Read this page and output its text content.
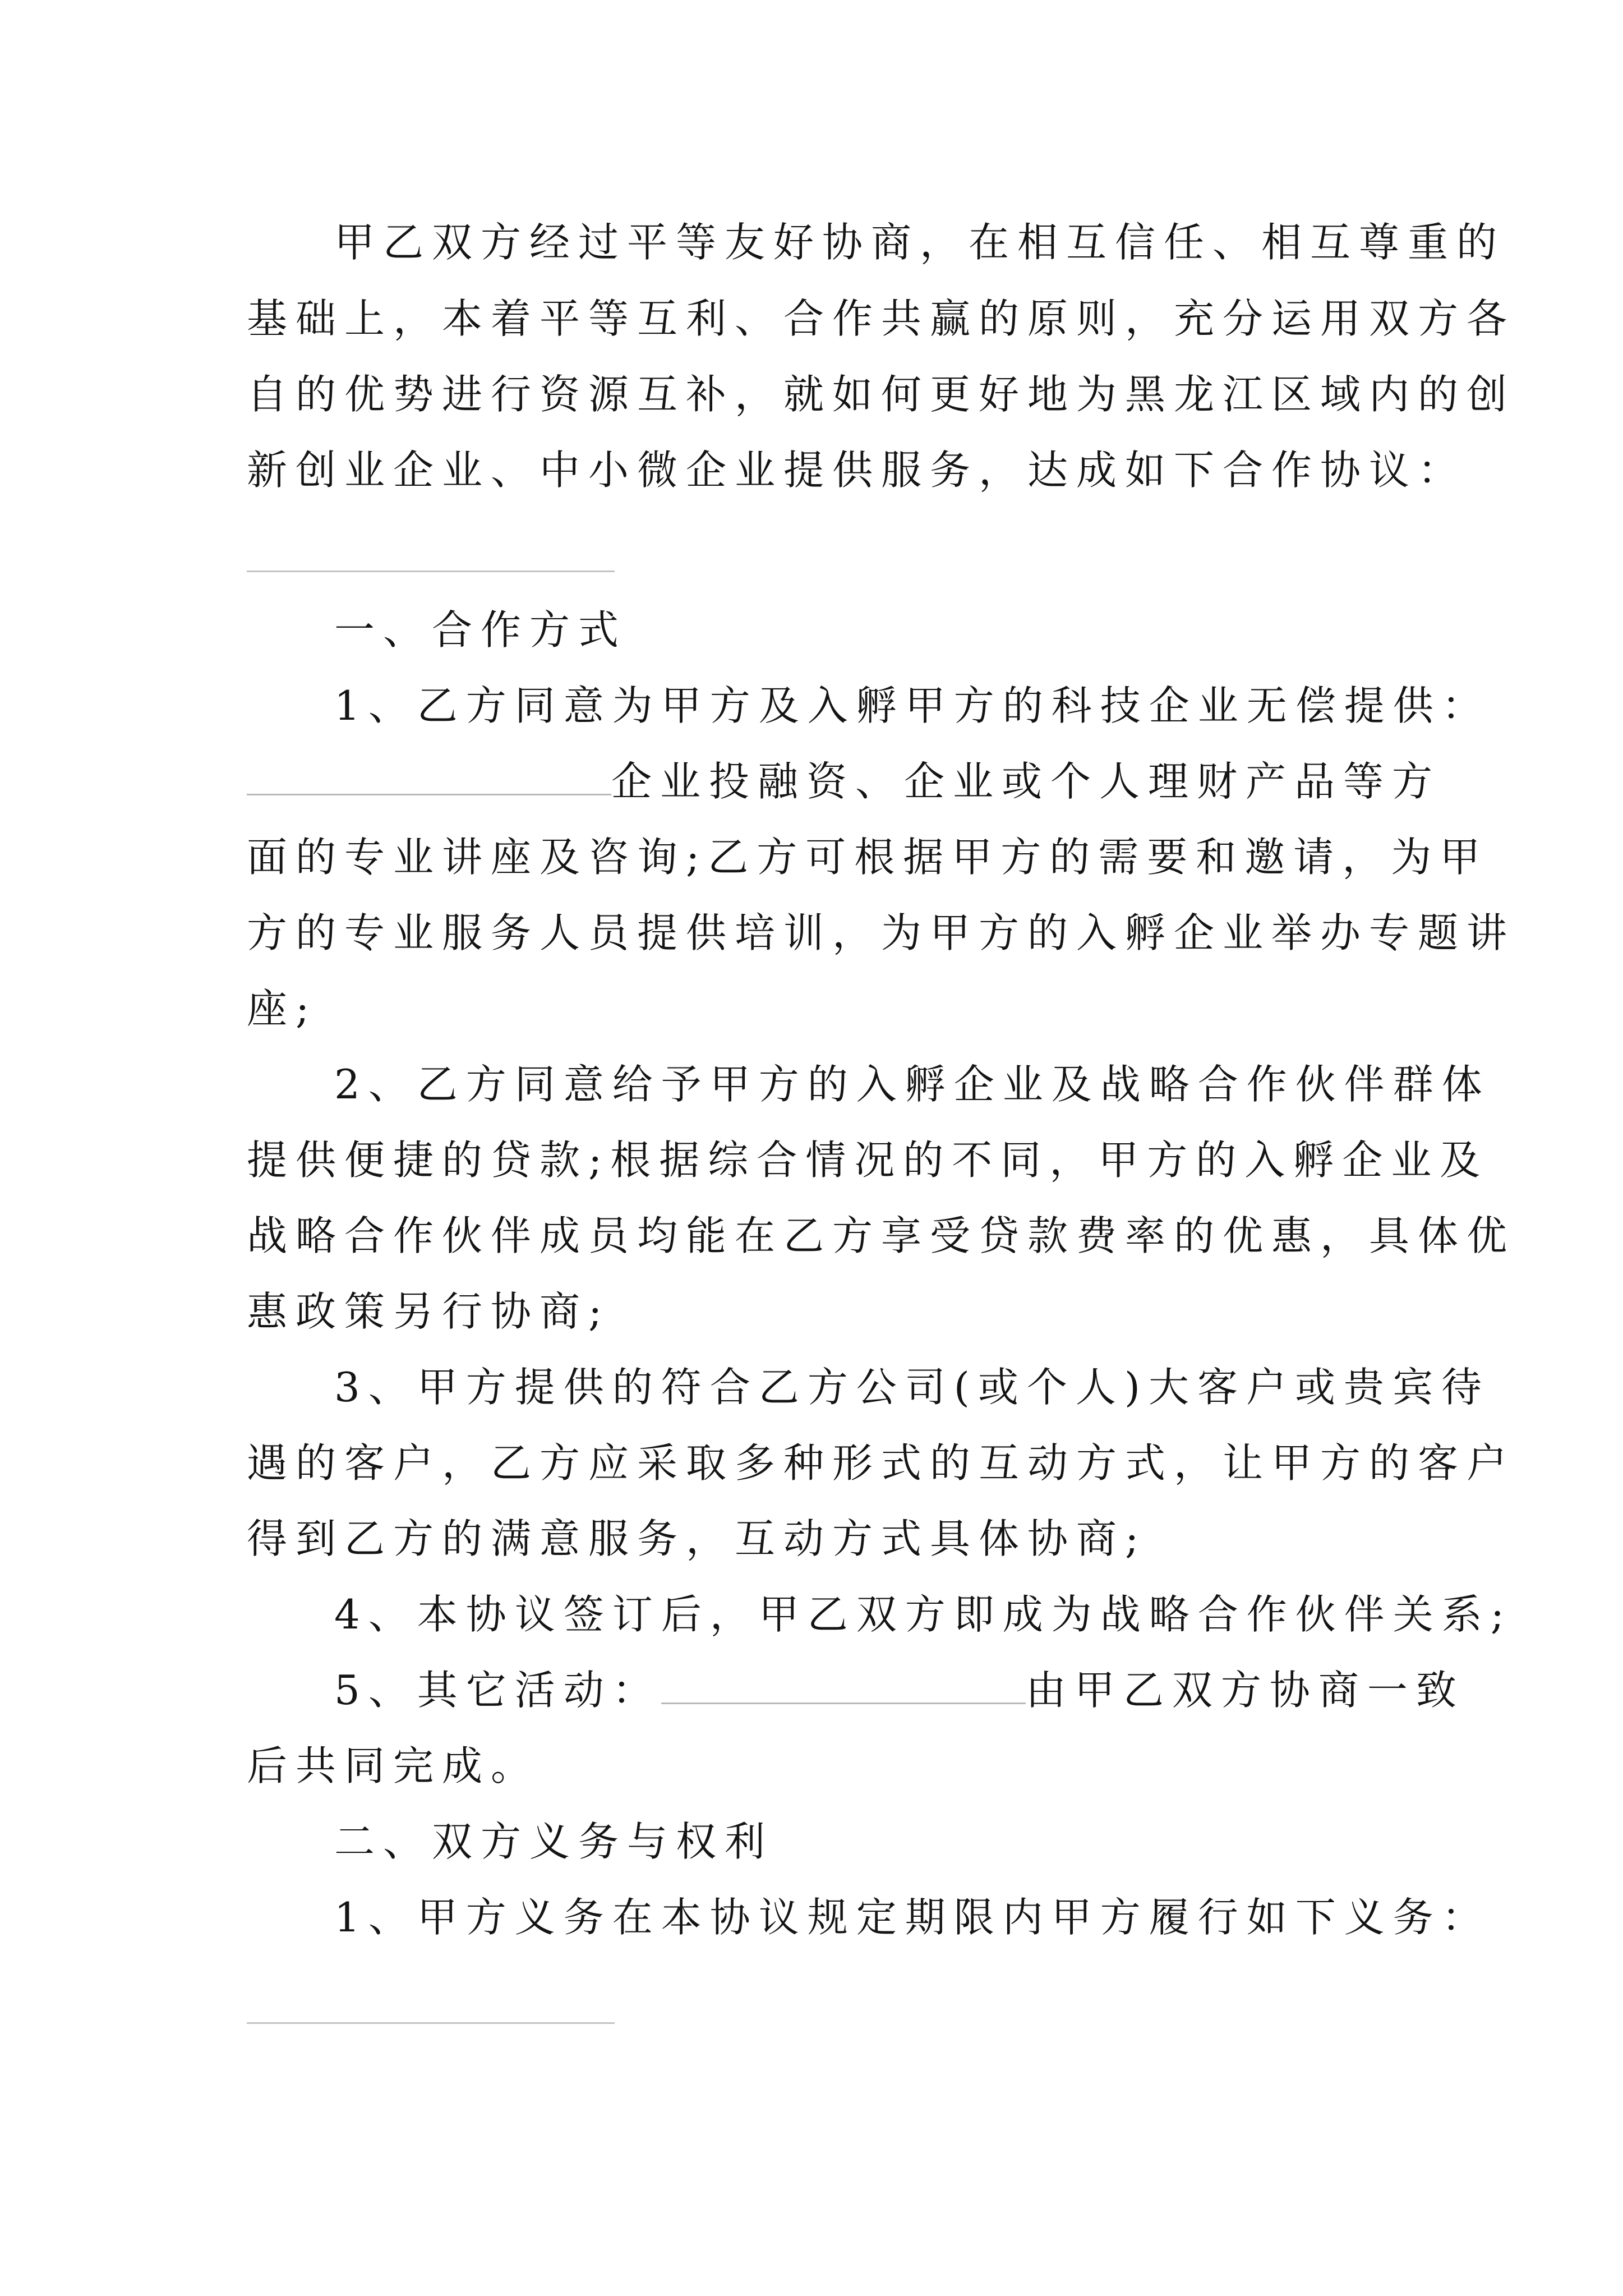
甲乙双方经过平等友好协商，在相互信任、相互尊重的
基础上，本着平等互利、合作共赢的原则，充分运用双方各
自的优势进行资源互补，就如何更好地为黑龙江区域内的创
新创业企业、中小微企业提供服务，达成如下合作协议：
一、合作方式
1、乙方同意为甲方及入孵甲方的科技企业无偿提供：
企业投融资、企业或个人理财产品等方
面的专业讲座及咨询;乙方可根据甲方的需要和邀请，为甲
方的专业服务人员提供培训，为甲方的入孵企业举办专题讲
座;
2、乙方同意给予甲方的入孵企业及战略合作伙伴群体
提供便捷的贷款;根据综合情况的不同，甲方的入孵企业及
战略合作伙伴成员均能在乙方享受贷款费率的优惠，具体优
惠政策另行协商;
3、甲方提供的符合乙方公司(或个人)大客户或贵宾待
遇的客户，乙方应采取多种形式的互动方式，让甲方的客户
得到乙方的满意服务，互动方式具体协商;
4、本协议签订后，甲乙双方即成为战略合作伙伴关系;
5、其它活动：	由甲乙双方协商一致
后共同完成。
二、双方义务与权利
1、甲方义务在本协议规定期限内甲方履行如下义务：
